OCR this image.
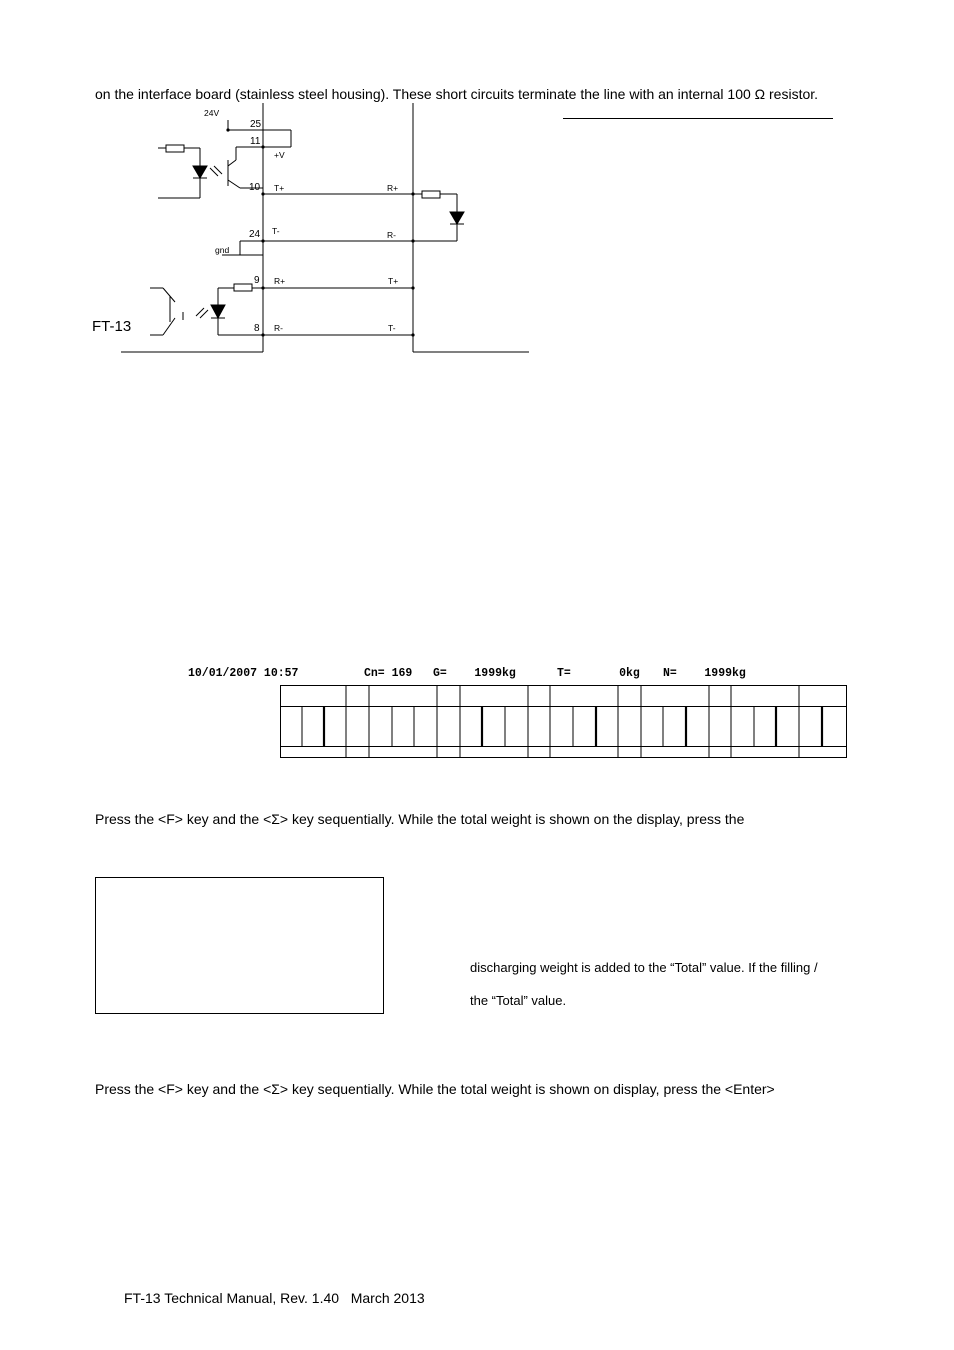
on the interface board (stainless steel housing). These short circuits terminate the line with an internal 100 Ω resistor.
24V
+V
T+	R+
T-	R-
gnd
R+	T+
R-	T-
25
11
10
24
9
8
FT-13
10/01/2007 10:57	Cn= 169 G=    1999kg	T=       0kg N=    1999kg
Press the <F> key and the <Σ> key sequentially. While the total weight is shown on the display, press the
discharging weight is added to the “Total” value. If the filling /
the “Total” value.
Press the <F> key and the <Σ> key sequentially. While the total weight is shown on display, press the <Enter>
FT-13 Technical Manual, Rev. 1.40   March 2013
